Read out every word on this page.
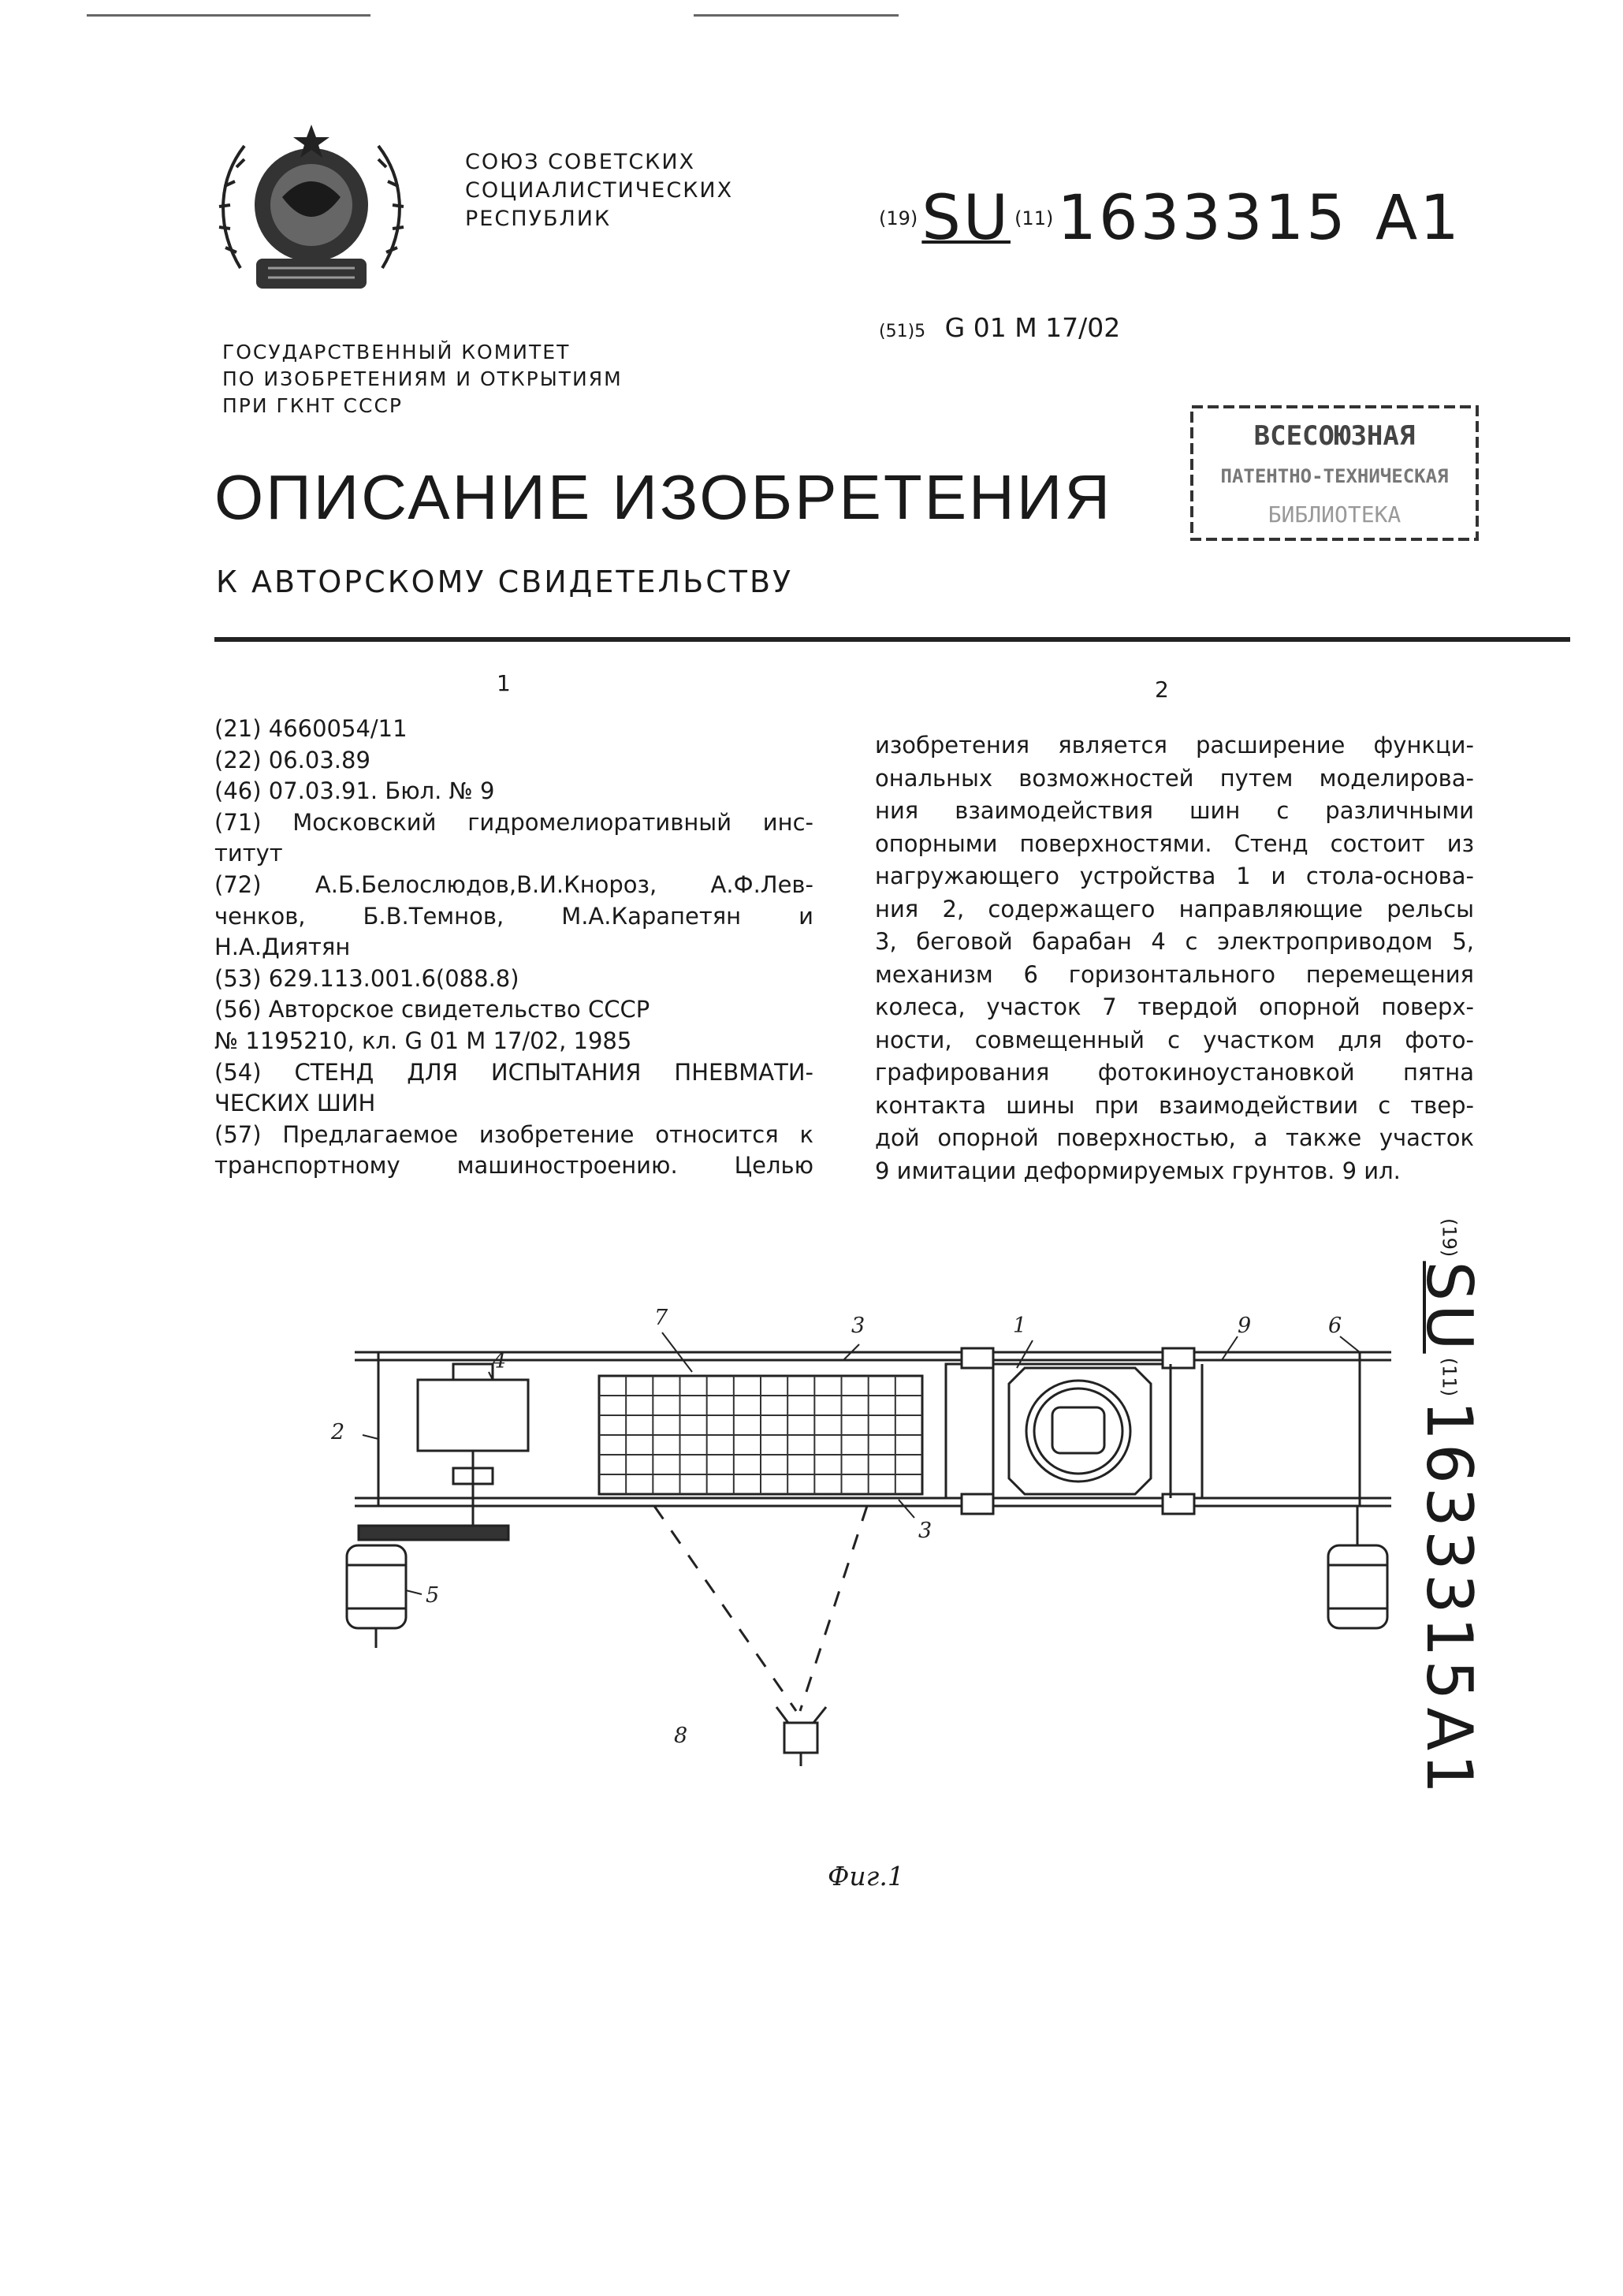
СОЮЗ СОВЕТСКИХ
СОЦИАЛИСТИЧЕСКИХ
РЕСПУБЛИК	(19) SU (11) 1633315 A1
(51)5 G 01 M 17/02
ГОСУДАРСТВЕННЫЙ КОМИТЕТ
ПО ИЗОБРЕТЕНИЯМ И ОТКРЫТИЯМ
ПРИ ГКНТ СССР
ВСЕСОЮЗНАЯ
ПАТЕНТНО-ТЕХНИЧЕСКАЯ
БИБЛИОТЕКА
ОПИСАНИЕ ИЗОБРЕТЕНИЯ
К АВТОРСКОМУ СВИДЕТЕЛЬСТВУ
1	2
(21) 4660054/11
(22) 06.03.89
(46) 07.03.91. Бюл. № 9
(71) Московский гидромелиоративный инс-
титут
(72) А.Б.Белослюдов,В.И.Кнороз, А.Ф.Лев-
ченков, Б.В.Темнов, М.А.Карапетян и
Н.А.Диятян
(53) 629.113.001.6(088.8)
(56) Авторское свидетельство СССР
№ 1195210, кл. G 01 M 17/02, 1985
(54) СТЕНД ДЛЯ ИСПЫТАНИЯ ПНЕВМАТИ-
ЧЕСКИХ ШИН
(57) Предлагаемое изобретение относится к
транспортному машиностроению. Целью
изобретения является расширение функци-
ональных возможностей путем моделирова-
ния взаимодействия шин с различными
опорными поверхностями. Стенд состоит из
нагружающего устройства 1 и стола-основа-
ния 2, содержащего направляющие рельсы
3, беговой барабан 4 с электроприводом 5,
механизм 6 горизонтального перемещения
колеса, участок 7 твердой опорной поверх-
ности, совмещенный с участком для фото-
графирования фотокиноустановкой пятна
контакта шины при взаимодействии с твер-
дой опорной поверхностью, а также участок
9 имитации деформируемых грунтов. 9 ил.
(19) SU (11) 1633315 A1
1
2
3
3
4
5
6
7
8
9
Фиг.1
